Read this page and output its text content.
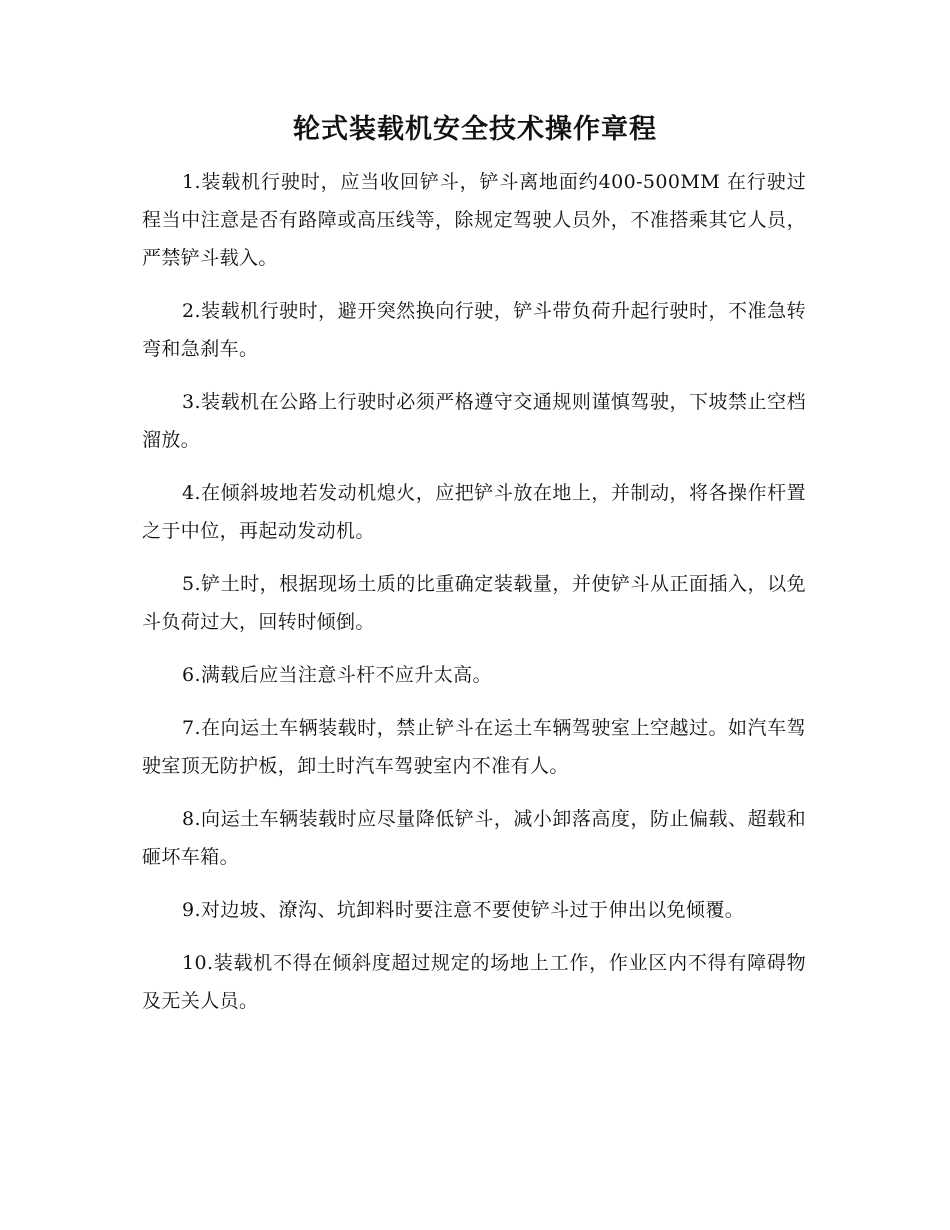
轮式装载机安全技术操作章程

1.装载机行驶时，应当收回铲斗，铲斗离地面约400-500MM 在行驶过程当中注意是否有路障或高压线等，除规定驾驶人员外，不准搭乘其它人员，严禁铲斗载入。

2.装载机行驶时，避开突然换向行驶，铲斗带负荷升起行驶时，不准急转弯和急刹车。

3.装载机在公路上行驶时必须严格遵守交通规则谨慎驾驶，下坡禁止空档溜放。

4.在倾斜坡地若发动机熄火，应把铲斗放在地上，并制动，将各操作杆置之于中位，再起动发动机。

5.铲土时，根据现场土质的比重确定装载量，并使铲斗从正面插入，以免斗负荷过大，回转时倾倒。

6.满载后应当注意斗杆不应升太高。

7.在向运土车辆装载时，禁止铲斗在运土车辆驾驶室上空越过。如汽车驾驶室顶无防护板，卸土时汽车驾驶室内不准有人。

8.向运土车辆装载时应尽量降低铲斗，减小卸落高度，防止偏载、超载和砸坏车箱。

9.对边坡、潦沟、坑卸料时要注意不要使铲斗过于伸出以免倾覆。

10.装载机不得在倾斜度超过规定的场地上工作，作业区内不得有障碍物及无关人员。
